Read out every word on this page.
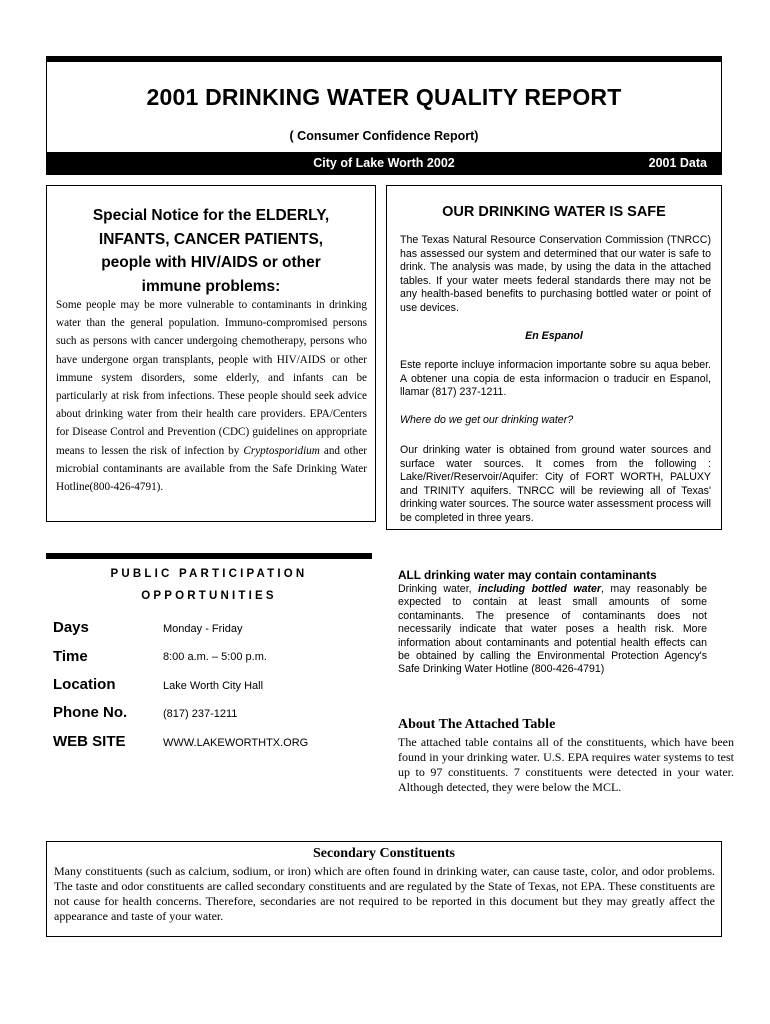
2001 DRINKING WATER QUALITY REPORT
( Consumer Confidence Report)
City of Lake Worth 2002	2001 Data
Special Notice for the ELDERLY,
INFANTS, CANCER PATIENTS,
people with HIV/AIDS or other
immune problems:
Some people may be more vulnerable to contaminants in drinking water than the general population. Immuno-compromised persons such as persons with cancer undergoing chemotherapy, persons who have undergone organ transplants, people with HIV/AIDS or other immune system disorders, some elderly, and infants can be particularly at risk from infections. These people should seek advice about drinking water from their health care providers. EPA/Centers for Disease Control and Prevention (CDC) guidelines on appropriate means to lessen the risk of infection by Cryptosporidium and other microbial contaminants are available from the Safe Drinking Water Hotline(800-426-4791).
OUR DRINKING WATER IS SAFE
The Texas Natural Resource Conservation Commission (TNRCC) has assessed our system and determined that our water is safe to drink. The analysis was made, by using the data in the attached tables. If your water meets federal standards there may not be any health-based benefits to purchasing bottled water or point of use devices.
En Espanol
Este reporte incluye informacion importante sobre su aqua beber. A obtener una copia de esta informacion o traducir en Espanol, llamar (817) 237-1211.
Where do we get our drinking water?
Our drinking water is obtained from ground water sources and surface water sources. It comes from the following : Lake/River/Reservoir/Aquifer: City of FORT WORTH, PALUXY and TRINITY aquifers. TNRCC will be reviewing all of Texas' drinking water sources. The source water assessment process will be completed in three years.
PUBLIC PARTICIPATION
OPPORTUNITIES
Days	Monday - Friday
Time	8:00 a.m. – 5:00 p.m.
Location	Lake Worth City Hall
Phone No.	(817) 237-1211
WEB SITE	WWW.LAKEWORTHTX.ORG
ALL drinking water may contain contaminants
Drinking water, including bottled water, may reasonably be expected to contain at least small amounts of some contaminants. The presence of contaminants does not necessarily indicate that water poses a health risk. More information about contaminants and potential health effects can be obtained by calling the Environmental Protection Agency's Safe Drinking Water Hotline (800-426-4791)
About The Attached Table
The attached table contains all of the constituents, which have been found in your drinking water. U.S. EPA requires water systems to test up to 97 constituents. 7 constituents were detected in your water. Although detected, they were below the MCL.
Secondary Constituents
Many constituents (such as calcium, sodium, or iron) which are often found in drinking water, can cause taste, color, and odor problems. The taste and odor constituents are called secondary constituents and are regulated by the State of Texas, not EPA. These constituents are not cause for health concerns. Therefore, secondaries are not required to be reported in this document but they may greatly affect the appearance and taste of your water.
